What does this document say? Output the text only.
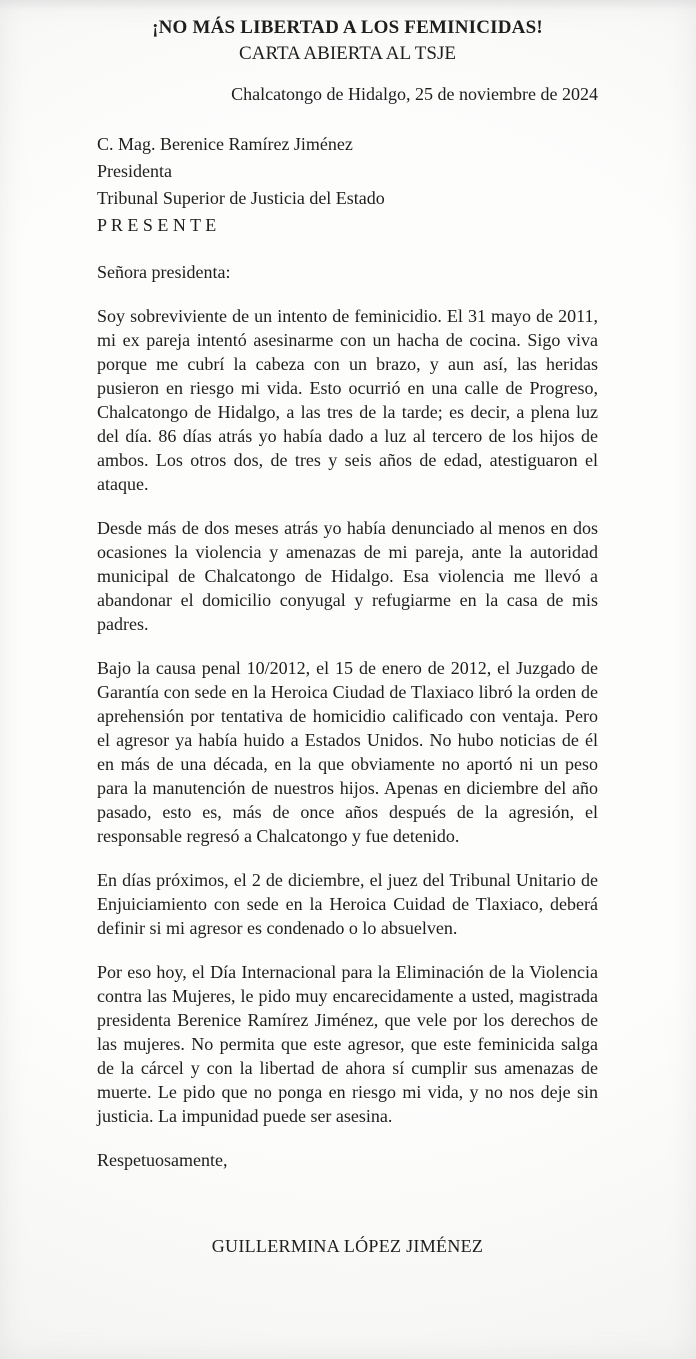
¡NO MÁS LIBERTAD A LOS FEMINICIDAS!
CARTA ABIERTA AL TSJE
Chalcatongo de Hidalgo, 25 de noviembre de 2024
C. Mag. Berenice Ramírez Jiménez
Presidenta
Tribunal Superior de Justicia del Estado
P R E S E N T E
Señora presidenta:

Soy sobreviviente de un intento de feminicidio. El 31 mayo de 2011, mi ex pareja intentó asesinarme con un hacha de cocina. Sigo viva porque me cubrí la cabeza con un brazo, y aun así, las heridas pusieron en riesgo mi vida. Esto ocurrió en una calle de Progreso, Chalcatongo de Hidalgo, a las tres de la tarde; es decir, a plena luz del día. 86 días atrás yo había dado a luz al tercero de los hijos de ambos. Los otros dos, de tres y seis años de edad, atestiguaron el ataque.

Desde más de dos meses atrás yo había denunciado al menos en dos ocasiones la violencia y amenazas de mi pareja, ante la autoridad municipal de Chalcatongo de Hidalgo. Esa violencia me llevó a abandonar el domicilio conyugal y refugiarme en la casa de mis padres.

Bajo la causa penal 10/2012, el 15 de enero de 2012, el Juzgado de Garantía con sede en la Heroica Ciudad de Tlaxiaco libró la orden de aprehensión por tentativa de homicidio calificado con ventaja. Pero el agresor ya había huido a Estados Unidos. No hubo noticias de él en más de una década, en la que obviamente no aportó ni un peso para la manutención de nuestros hijos. Apenas en diciembre del año pasado, esto es, más de once años después de la agresión, el responsable regresó a Chalcatongo y fue detenido.

En días próximos, el 2 de diciembre, el juez del Tribunal Unitario de Enjuiciamiento con sede en la Heroica Cuidad de Tlaxiaco, deberá definir si mi agresor es condenado o lo absuelven.

Por eso hoy, el Día Internacional para la Eliminación de la Violencia contra las Mujeres, le pido muy encarecidamente a usted, magistrada presidenta Berenice Ramírez Jiménez, que vele por los derechos de las mujeres. No permita que este agresor, que este feminicida salga de la cárcel y con la libertad de ahora sí cumplir sus amenazas de muerte. Le pido que no ponga en riesgo mi vida, y no nos deje sin justicia. La impunidad puede ser asesina.

Respetuosamente,
GUILLERMINA LÓPEZ JIMÉNEZ
